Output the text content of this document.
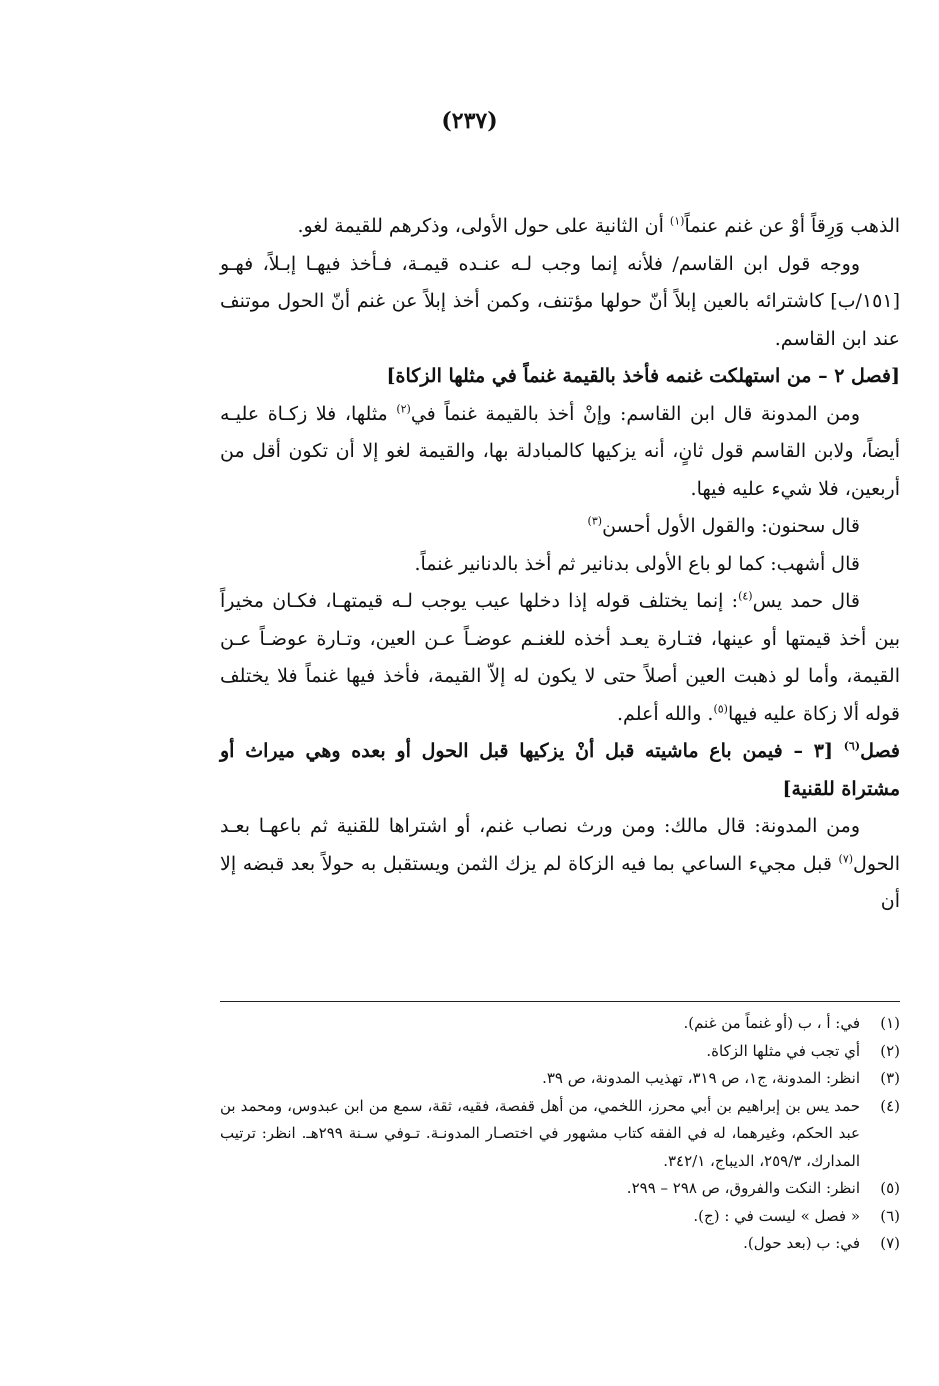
(٢٣٧)

الذهب وَرِقاً أوْ عن غنم عنماً$^{(١)}$ أن الثانية على حول الأولى، وذكرهم للقيمة لغو.

ووجه قول ابن القاسم/ فلأنه إنما وجب لـه عنـده قيمـة، فـأخذ فيهـا إبـلاً، فهـو [١٥١/ب] كاشترائه بالعين إبلاً أنّ حولها مؤتنف، وكمن أخذ إبلاً عن غنم أنّ الحول موتنف عند ابن القاسم.

[فصل ٢ – من استهلكت غنمه فأخذ بالقيمة غنماً في مثلها الزكاة]

ومن المدونة قال ابن القاسم: وإنْ أخذ بالقيمة غنماً في$^{(٢)}$ مثلها، فلا زكـاة عليـه أيضاً، ولابن القاسم قول ثانٍ، أنه يزكيها كالمبادلة بها، والقيمة لغو إلا أن تكون أقل من أربعين، فلا شيء عليه فيها.

قال سحنون: والقول الأول أحسن$^{(٣)}$

قال أشهب: كما لو باع الأولى بدنانير ثم أخذ بالدنانير غنماً.

قال حمد يس$^{(٤)}$: إنما يختلف قوله إذا دخلها عيب يوجب لـه قيمتهـا، فكـان مخيراً بين أخذ قيمتها أو عينها، فتـارة يعـد أخذه للغنـم عوضـاً عـن العين، وتـارة عوضـاً عـن القيمة، وأما لو ذهبت العين أصلاً حتى لا يكون له إلاّ القيمة، فأخذ فيها غنماً فلا يختلف قوله ألا زكاة عليه فيها$^{(٥)}$. والله أعلم.

فصل$^{(٦)}$ [٣ – فيمن باع ماشيته قبل أنْ يزكيها قبل الحول أو بعده وهي ميراث أو مشتراة للقنية]

ومن المدونة: قال مالك: ومن ورث نصاب غنم، أو اشتراها للقنية ثم باعهـا بعـد الحول$^{(٧)}$ قبل مجيء الساعي بما فيه الزكاة لم يزك الثمن ويستقبل به حولاً بعد قبضه إلا أن

(١)
في: أ ، ب (أو غنماً من غنم).
(٢)
أي تجب في مثلها الزكاة.
(٣)
انظر: المدونة، ج١، ص ٣١٩، تهذيب المدونة، ص ٣٩.
(٤)
حمد يس بن إبراهيم بن أبي محرز، اللخمي، من أهل قفصة، فقيه، ثقة، سمع من ابن عبدوس، ومحمد بن عبد الحكم، وغيرهما، له في الفقه كتاب مشهور في اختصـار المدونـة. تـوفي سـنة ٢٩٩هـ. انظر: ترتيب المدارك، ٢٥٩/٣، الديباج، ٣٤٢/١.
(٥)
انظر: النكت والفروق، ص ٢٩٨ – ٢٩٩.
(٦)
« فصل » ليست في : (ج).
(٧)
في: ب (بعد حول).
